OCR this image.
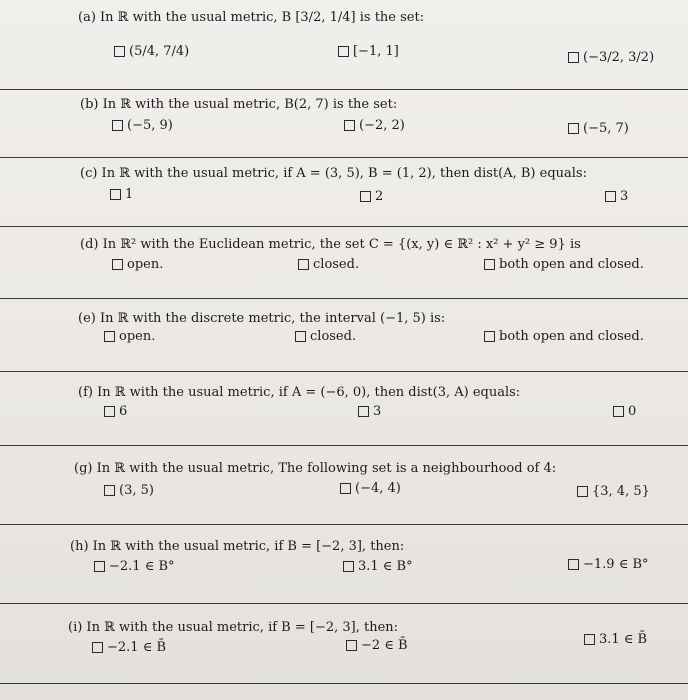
(a) In ℝ with the usual metric, B [3/2, 1/4] is the set:
(5/4, 7/4)	[−1, 1]	(−3/2, 3/2)
(b) In ℝ with the usual metric, B(2, 7) is the set:
(−5, 9)	(−2, 2)	(−5, 7)
(c) In ℝ with the usual metric, if A = (3, 5), B = (1, 2), then dist(A, B) equals:
1	2	3
(d) In ℝ² with the Euclidean metric, the set C = {(x, y) ∈ ℝ² : x² + y² ≥ 9} is
open.	closed.	both open and closed.
(e) In ℝ with the discrete metric, the interval (−1, 5) is:
open.	closed.	both open and closed.
(f) In ℝ with the usual metric, if A = (−6, 0), then dist(3, A) equals:
6	3	0
(g) In ℝ with the usual metric, The following set is a neighbourhood of 4:
(3, 5)	(−4, 4)	{3, 4, 5}
(h) In ℝ with the usual metric, if B = [−2, 3], then:
−2.1 ∈ B°	3.1 ∈ B°	−1.9 ∈ B°
(i) In ℝ with the usual metric, if B = [−2, 3], then:
−2.1 ∈ B̄	−2 ∈ B̄	3.1 ∈ B̄
